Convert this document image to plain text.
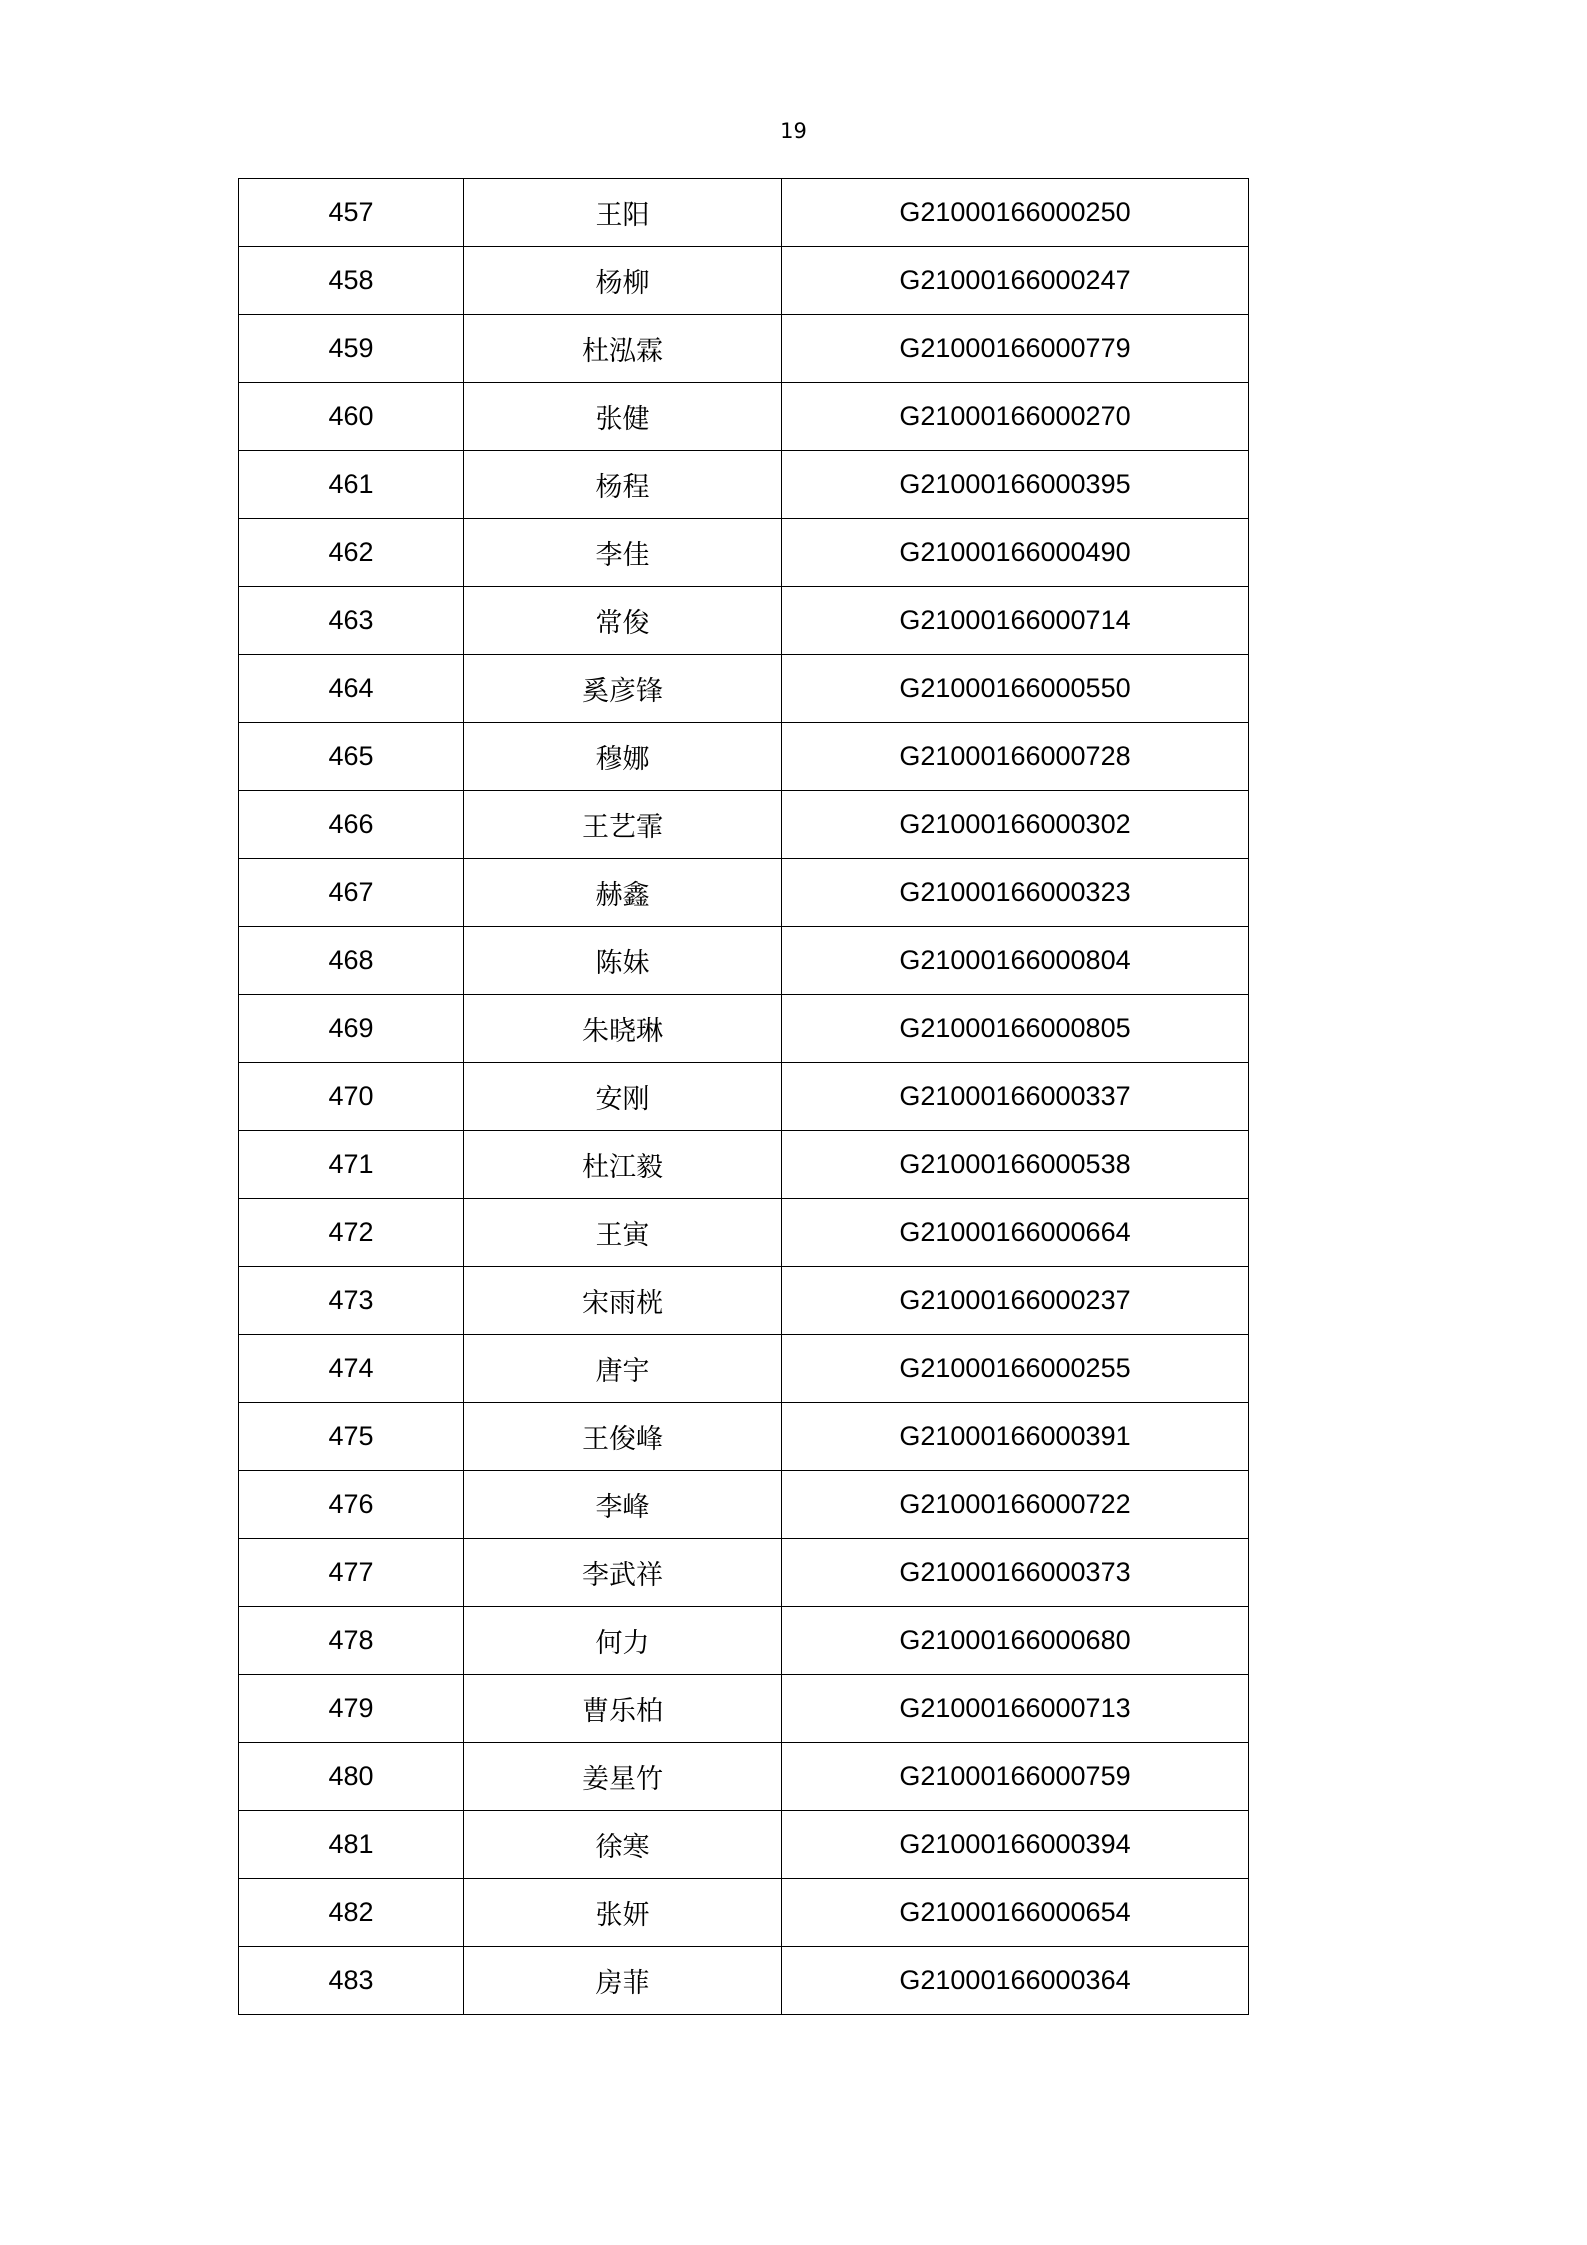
19
457	王阳	G21000166000250
458	杨柳	G21000166000247
459	杜泓霖	G21000166000779
460	张健	G21000166000270
461	杨程	G21000166000395
462	李佳	G21000166000490
463	常俊	G21000166000714
464	奚彦锋	G21000166000550
465	穆娜	G21000166000728
466	王艺霏	G21000166000302
467	赫鑫	G21000166000323
468	陈妹	G21000166000804
469	朱晓琳	G21000166000805
470	安刚	G21000166000337
471	杜江毅	G21000166000538
472	王寅	G21000166000664
473	宋雨桄	G21000166000237
474	唐宇	G21000166000255
475	王俊峰	G21000166000391
476	李峰	G21000166000722
477	李武祥	G21000166000373
478	何力	G21000166000680
479	曹乐柏	G21000166000713
480	姜星竹	G21000166000759
481	徐寒	G21000166000394
482	张妍	G21000166000654
483	房菲	G21000166000364
